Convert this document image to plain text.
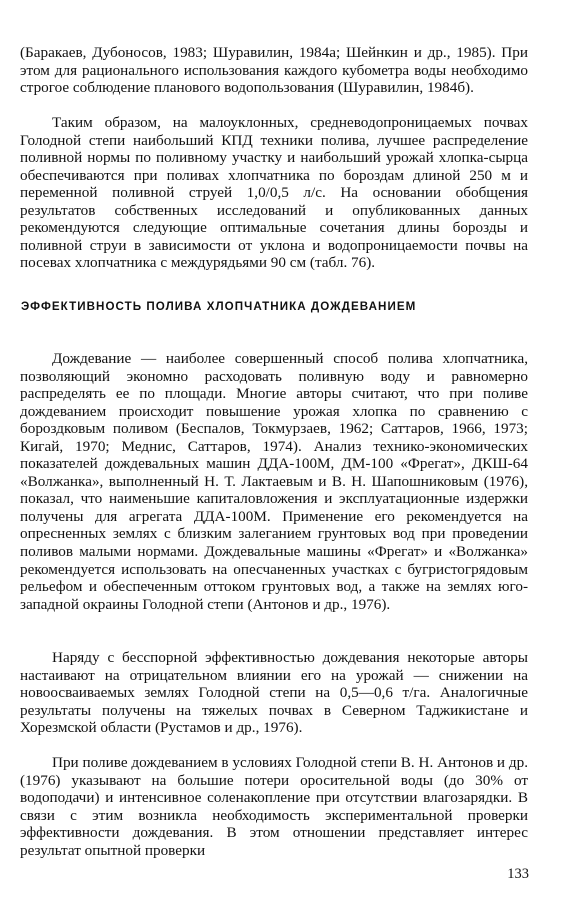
(Баракаев, Дубоносов, 1983; Шуравилин, 1984а; Шейнкин и др., 1985). При этом для рационального использования каждого кубометра воды необходимо строгое соблюдение планового водопользования (Шуравилин, 1984б).

Таким образом, на малоуклонных, средневодопроницаемых почвах Голодной степи наибольший КПД техники полива, лучшее распределение поливной нормы по поливному участку и наибольший урожай хлопка-сырца обеспечиваются при поливах хлопчатника по бороздам длиной 250 м и переменной поливной струей 1,0/0,5 л/с. На основании обобщения результатов собственных исследований и опубликованных данных рекомендуются следующие оптимальные сочетания длины борозды и поливной струи в зависимости от уклона и водопроницаемости почвы на посевах хлопчатника с междурядьями 90 см (табл. 76).

ЭФФЕКТИВНОСТЬ ПОЛИВА ХЛОПЧАТНИКА ДОЖДЕВАНИЕМ

Дождевание — наиболее совершенный способ полива хлопчатника, позволяющий экономно расходовать поливную воду и равномерно распределять ее по площади. Многие авторы считают, что при поливе дождеванием происходит повышение урожая хлопка по сравнению с бороздковым поливом (Беспалов, Токмурзаев, 1962; Саттаров, 1966, 1973; Кигай, 1970; Меднис, Саттаров, 1974). Анализ технико-экономических показателей дождевальных машин ДДА-100М, ДМ-100 «Фрегат», ДКШ-64 «Волжанка», выполненный Н. Т. Лактаевым и В. Н. Шапошниковым (1976), показал, что наименьшие капиталовложения и эксплуатационные издержки получены для агрегата ДДА-100М. Применение его рекомендуется на опресненных землях с близким залеганием грунтовых вод при проведении поливов малыми нормами. Дождевальные машины «Фрегат» и «Волжанка» рекомендуется использовать на опесчаненных участках с бугристогрядовым рельефом и обеспеченным оттоком грунтовых вод, а также на землях юго-западной окраины Голодной степи (Антонов и др., 1976).

Наряду с бесспорной эффективностью дождевания некоторые авторы настаивают на отрицательном влиянии его на урожай — снижении на новоосваиваемых землях Голодной степи на 0,5—0,6 т/га. Аналогичные результаты получены на тяжелых почвах в Северном Таджикистане и Хорезмской области (Рустамов и др., 1976).

При поливе дождеванием в условиях Голодной степи В. Н. Антонов и др. (1976) указывают на большие потери оросительной воды (до 30% от водоподачи) и интенсивное соленакопление при отсутствии влагозарядки. В связи с этим возникла необходимость экспериментальной проверки эффективности дождевания. В этом отношении представляет интерес результат опытной проверки

133
